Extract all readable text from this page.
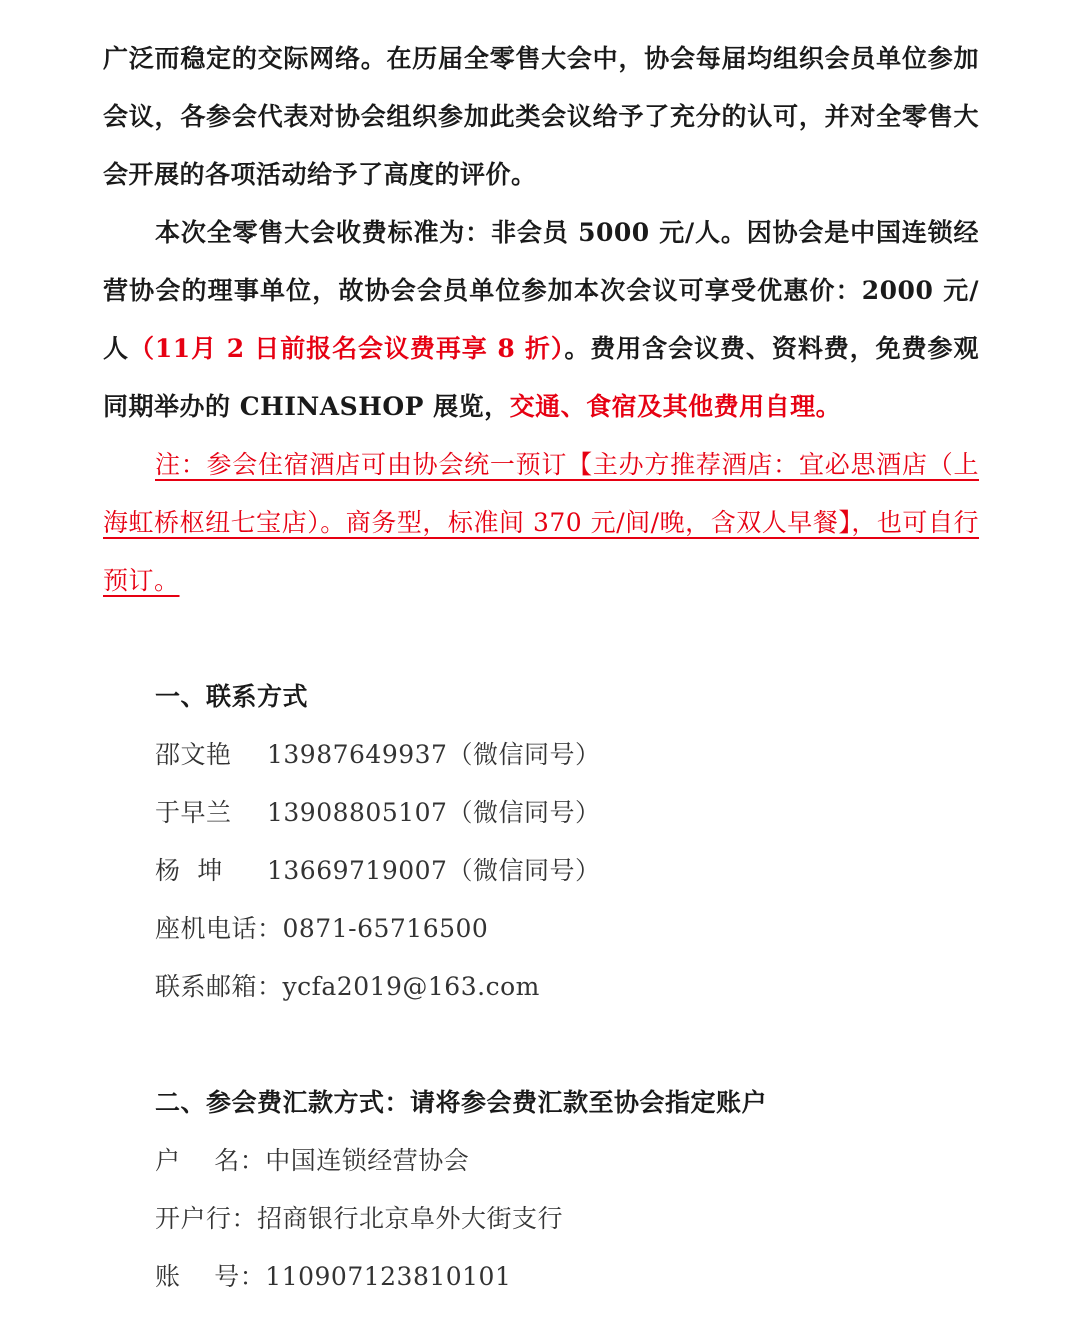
广泛而稳定的交际网络。在历届全零售大会中，协会每届均组织会员单位参加会议，各参会代表对协会组织参加此类会议给予了充分的认可，并对全零售大会开展的各项活动给予了高度的评价。

本次全零售大会收费标准为：非会员 5000 元/人。因协会是中国连锁经营协会的理事单位，故协会会员单位参加本次会议可享受优惠价：2000 元/人（11月 2 日前报名会议费再享 8 折）。费用含会议费、资料费，免费参观同期举办的 CHINASHOP 展览，交通、食宿及其他费用自理。

注：参会住宿酒店可由协会统一预订【主办方推荐酒店：宜必思酒店（上海虹桥枢纽七宝店）。商务型，标准间 370 元/间/晚，含双人早餐】，也可自行预订。

一、联系方式

邵文艳 13987649937（微信同号）

于早兰 13908805107（微信同号）

杨  坤 13669719007（微信同号）

座机电话：0871-65716500

联系邮箱：ycfa2019@163.com

二、参会费汇款方式：请将参会费汇款至协会指定账户

户    名：中国连锁经营协会

开户行：招商银行北京阜外大街支行

账    号：110907123810101
